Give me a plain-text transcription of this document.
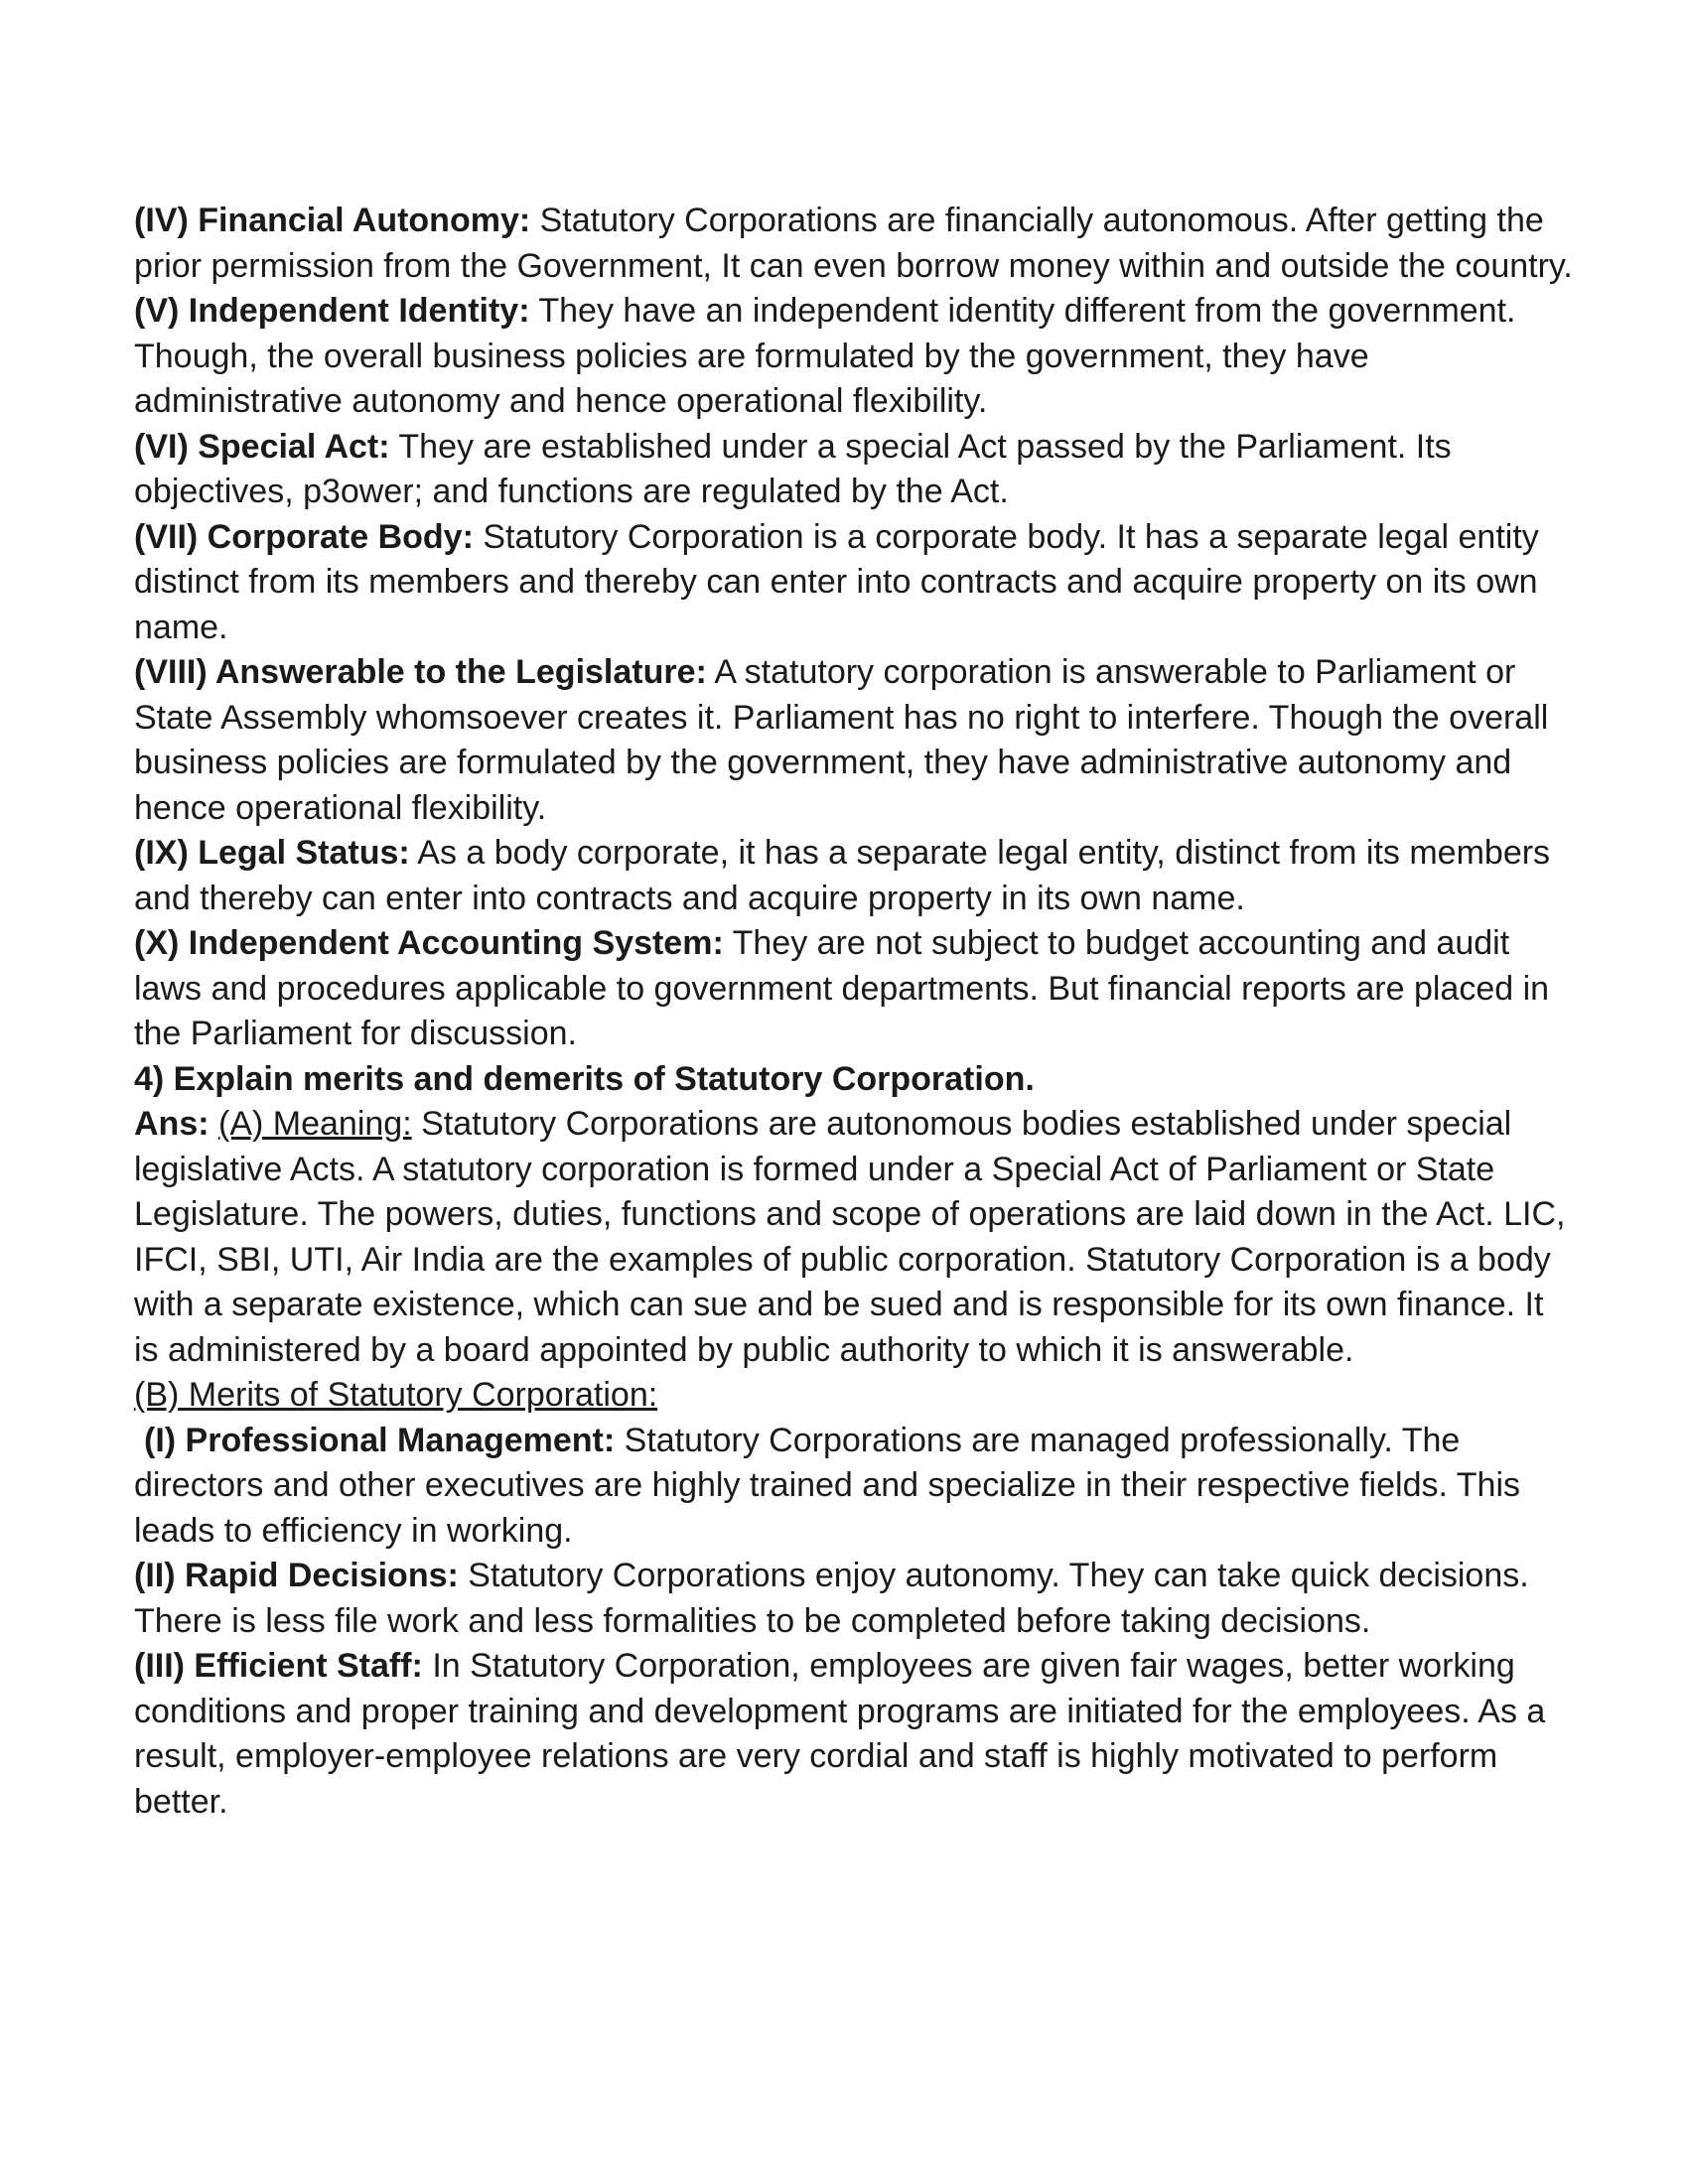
(IV) Financial Autonomy: Statutory Corporations are financially autonomous. After getting the prior permission from the Government, It can even borrow money within and outside the country.

(V) Independent Identity: They have an independent identity different from the government. Though, the overall business policies are formulated by the government, they have administrative autonomy and hence operational flexibility.

(VI) Special Act: They are established under a special Act passed by the Parliament. Its objectives, p3ower; and functions are regulated by the Act.

(VII) Corporate Body: Statutory Corporation is a corporate body. It has a separate legal entity distinct from its members and thereby can enter into contracts and acquire property on its own name.

(VIII) Answerable to the Legislature: A statutory corporation is answerable to Parliament or State Assembly whomsoever creates it. Parliament has no right to interfere. Though the overall business policies are formulated by the government, they have administrative autonomy and hence operational flexibility.

(IX) Legal Status: As a body corporate, it has a separate legal entity, distinct from its members and thereby can enter into contracts and acquire property in its own name.

(X) Independent Accounting System: They are not subject to budget accounting and audit laws and procedures applicable to government departments. But financial reports are placed in the Parliament for discussion.

4) Explain merits and demerits of Statutory Corporation.

Ans: (A) Meaning: Statutory Corporations are autonomous bodies established under special legislative Acts. A statutory corporation is formed under a Special Act of Parliament or State Legislature. The powers, duties, functions and scope of operations are laid down in the Act. LIC, IFCI, SBI, UTI, Air India are the examples of public corporation. Statutory Corporation is a body with a separate existence, which can sue and be sued and is responsible for its own finance. It is administered by a board appointed by public authority to which it is answerable.

(B) Merits of Statutory Corporation:

(I) Professional Management: Statutory Corporations are managed professionally. The directors and other executives are highly trained and specialize in their respective fields. This leads to efficiency in working.

(II) Rapid Decisions: Statutory Corporations enjoy autonomy. They can take quick decisions. There is less file work and less formalities to be completed before taking decisions.

(III) Efficient Staff: In Statutory Corporation, employees are given fair wages, better working conditions and proper training and development programs are initiated for the employees. As a result, employer-employee relations are very cordial and staff is highly motivated to perform better.
